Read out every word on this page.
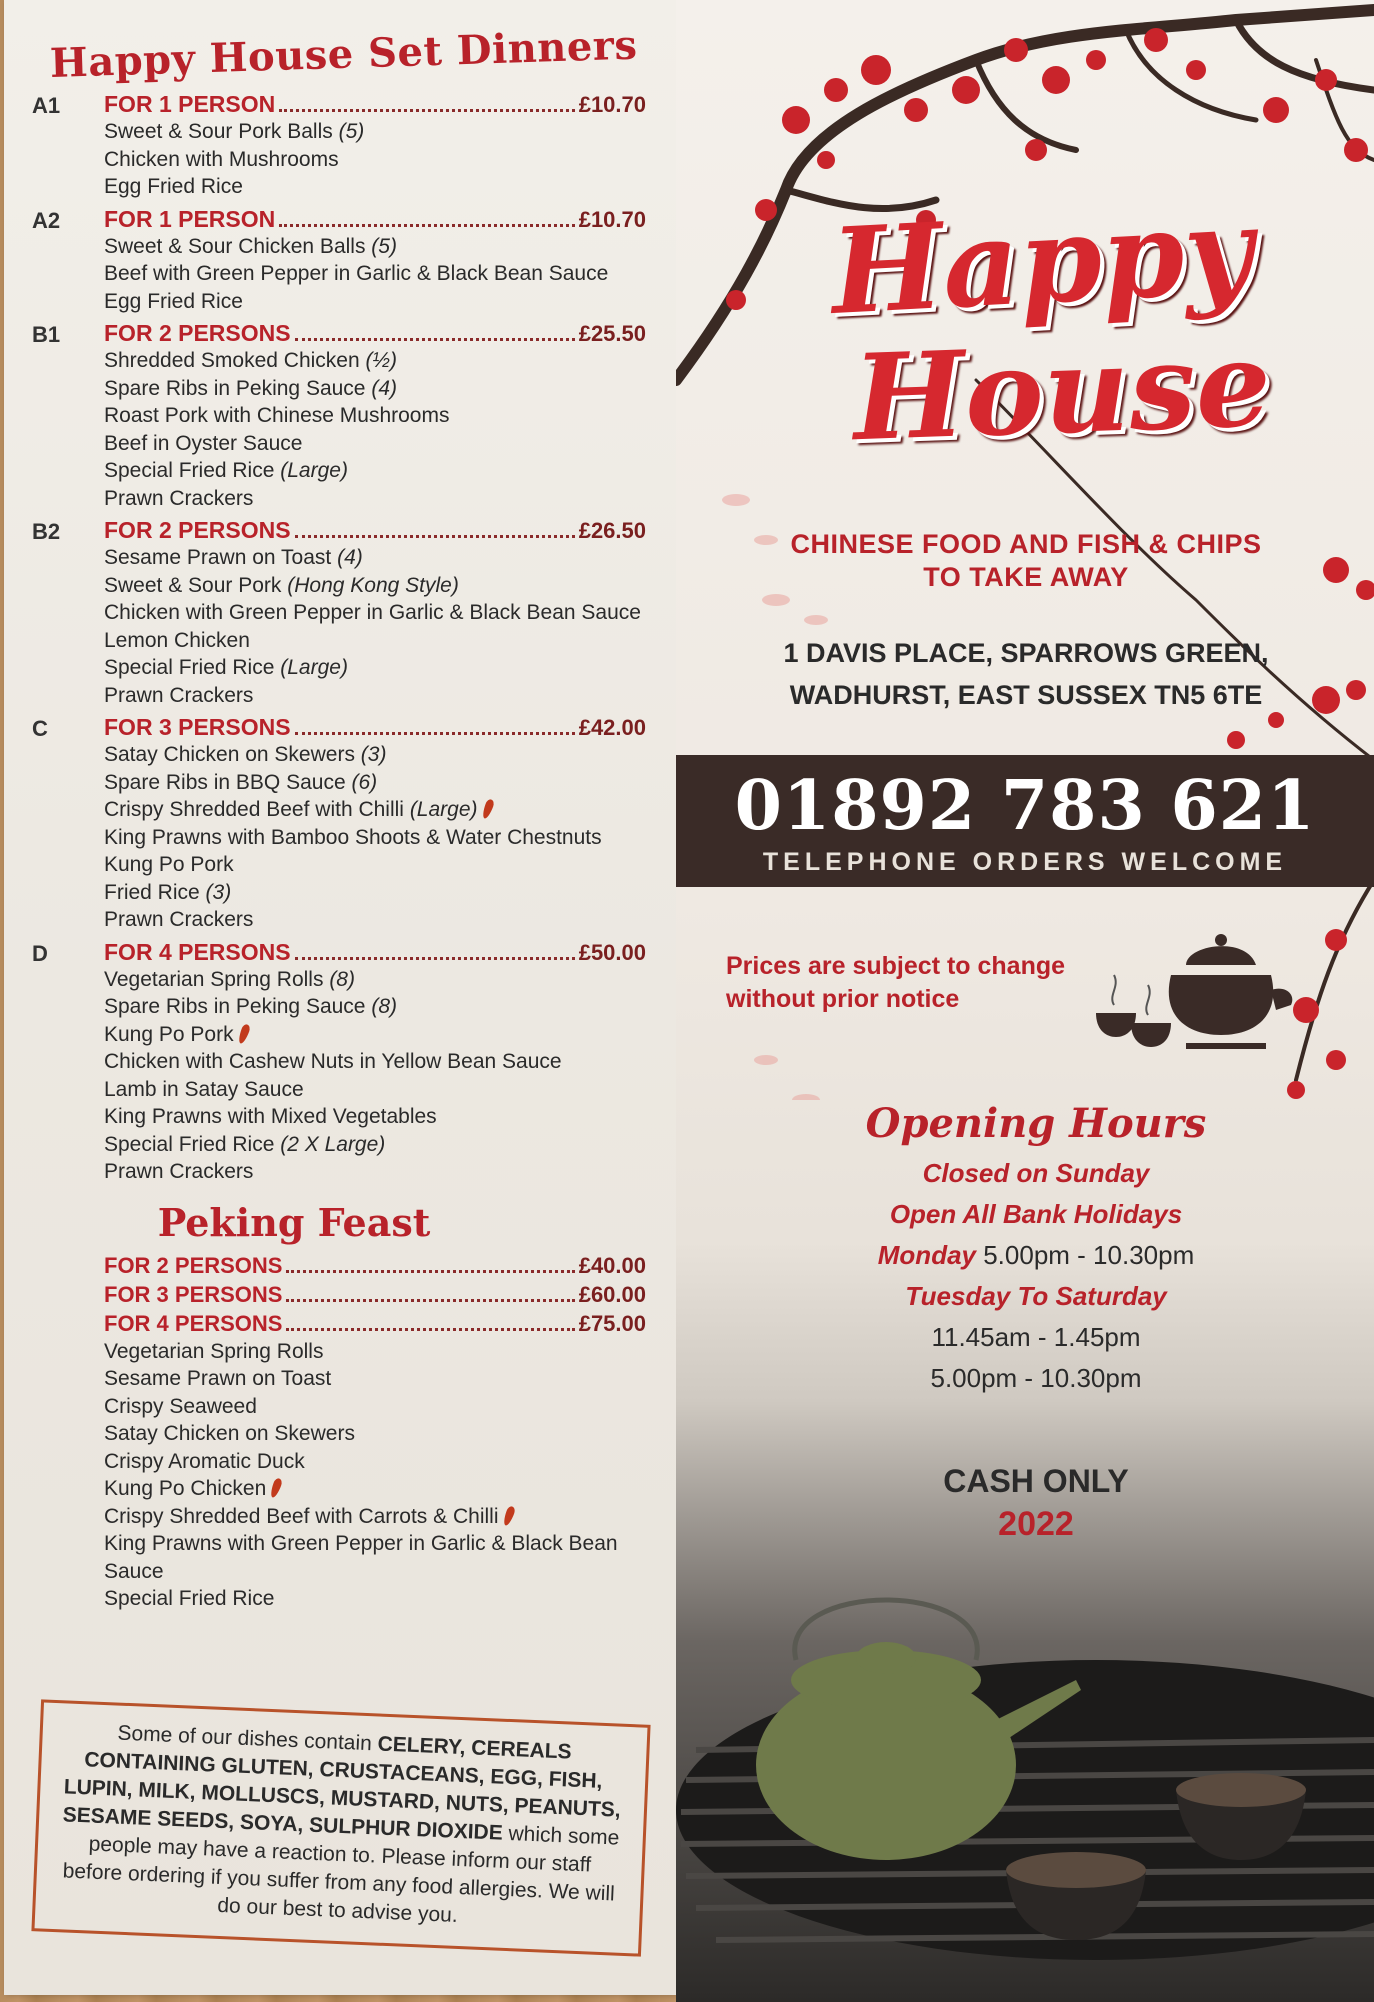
Happy House Set Dinners
A1 FOR 1 PERSON	£10.70
Sweet & Sour Pork Balls (5)
Chicken with Mushrooms
Egg Fried Rice
A2 FOR 1 PERSON	£10.70
Sweet & Sour Chicken Balls (5)
Beef with Green Pepper in Garlic & Black Bean Sauce
Egg Fried Rice
B1 FOR 2 PERSONS	£25.50
Shredded Smoked Chicken (½)
Spare Ribs in Peking Sauce (4)
Roast Pork with Chinese Mushrooms
Beef in Oyster Sauce
Special Fried Rice (Large)
Prawn Crackers
B2 FOR 2 PERSONS	£26.50
Sesame Prawn on Toast (4)
Sweet & Sour Pork (Hong Kong Style)
Chicken with Green Pepper in Garlic & Black Bean Sauce
Lemon Chicken
Special Fried Rice (Large)
Prawn Crackers
C FOR 3 PERSONS	£42.00
Satay Chicken on Skewers (3)
Spare Ribs in BBQ Sauce (6)
Crispy Shredded Beef with Chilli (Large)
King Prawns with Bamboo Shoots & Water Chestnuts
Kung Po Pork
Fried Rice (3)
Prawn Crackers
D FOR 4 PERSONS	£50.00
Vegetarian Spring Rolls (8)
Spare Ribs in Peking Sauce (8)
Kung Po Pork
Chicken with Cashew Nuts in Yellow Bean Sauce
Lamb in Satay Sauce
King Prawns with Mixed Vegetables
Special Fried Rice (2 X Large)
Prawn Crackers
Peking Feast
FOR 2 PERSONS	£40.00
FOR 3 PERSONS	£60.00
FOR 4 PERSONS	£75.00
Vegetarian Spring Rolls
Sesame Prawn on Toast
Crispy Seaweed
Satay Chicken on Skewers
Crispy Aromatic Duck
Kung Po Chicken
Crispy Shredded Beef with Carrots & Chilli
King Prawns with Green Pepper in Garlic & Black Bean Sauce
Special Fried Rice
Some of our dishes contain CELERY, CEREALS CONTAINING GLUTEN, CRUSTACEANS, EGG, FISH, LUPIN, MILK, MOLLUSCS, MUSTARD, NUTS, PEANUTS, SESAME SEEDS, SOYA, SULPHUR DIOXIDE which some people may have a reaction to. Please inform our staff before ordering if you suffer from any food allergies. We will do our best to advise you.
Happy
House
CHINESE FOOD AND FISH & CHIPS
TO TAKE AWAY
1 DAVIS PLACE, SPARROWS GREEN,
WADHURST, EAST SUSSEX TN5 6TE
01892 783 621
TELEPHONE ORDERS WELCOME
Prices are subject to change
without prior notice
Opening Hours
Closed on Sunday
Open All Bank Holidays
Monday 5.00pm - 10.30pm
Tuesday To Saturday
11.45am - 1.45pm
5.00pm - 10.30pm
CASH ONLY
2022
